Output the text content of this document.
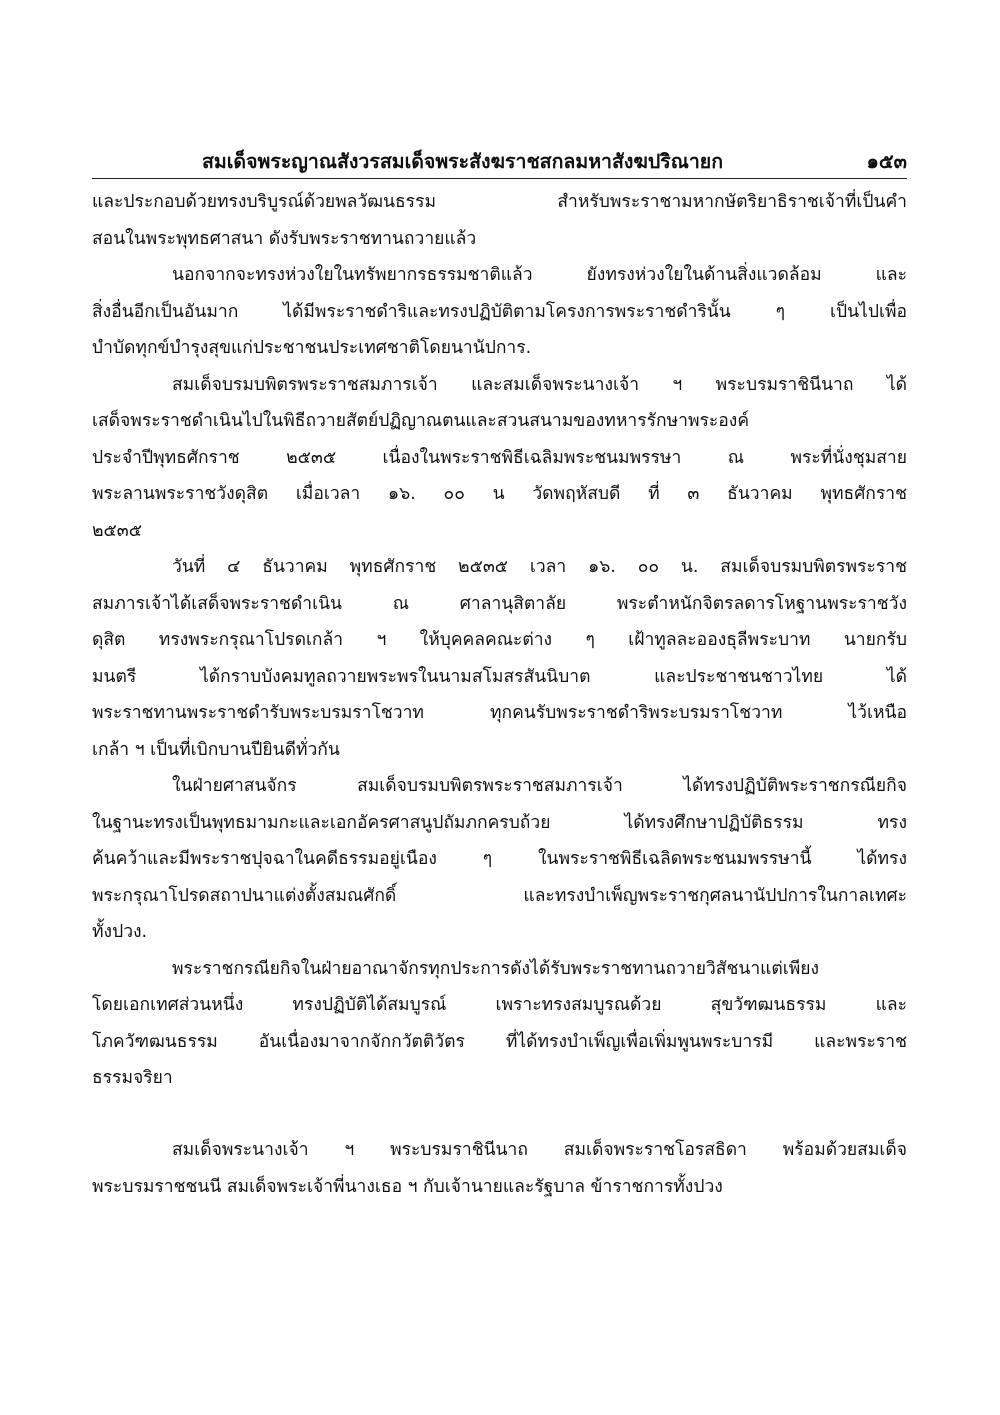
สมเด็จพระญาณสังวรสมเด็จพระสังฆราชสกลมหาสังฆปริณายก	๑๕๓
และประกอบด้วยทรงบริบูรณ์ด้วยพลวัฒนธรรม สำหรับพระราชามหากษัตริยาธิราชเจ้าที่เป็นคำ
สอนในพระพุทธศาสนา ดังรับพระราชทานถวายแล้ว
นอกจากจะทรงห่วงใยในทรัพยากรธรรมชาติแล้ว ยังทรงห่วงใยในด้านสิ่งแวดล้อม และ
สิ่งอื่นอีกเป็นอันมาก ได้มีพระราชดำริและทรงปฏิบัติตามโครงการพระราชดำรินั้น ๆ เป็นไปเพื่อ
บำบัดทุกข์บำรุงสุขแก่ประชาชนประเทศชาติโดยนานัปการ.
สมเด็จบรมบพิตรพระราชสมภารเจ้า และสมเด็จพระนางเจ้า ฯ พระบรมราชินีนาถ ได้
เสด็จพระราชดำเนินไปในพิธีถวายสัตย์ปฏิญาณตนและสวนสนามของทหารรักษาพระองค์
ประจำปีพุทธศักราช ๒๕๓๕ เนื่องในพระราชพิธีเฉลิมพระชนมพรรษา ณ พระที่นั่งชุมสาย
พระลานพระราชวังดุสิต เมื่อเวลา ๑๖. ๐๐ น วัดพฤหัสบดี ที่ ๓ ธันวาคม พุทธศักราช
๒๕๓๕
วันที่ ๔ ธันวาคม พุทธศักราช ๒๕๓๕ เวลา ๑๖. ๐๐ น. สมเด็จบรมบพิตรพระราช
สมภารเจ้าได้เสด็จพระราชดำเนิน ณ ศาลานุสิตาลัย พระตำหนักจิตรลดารโหฐานพระราชวัง
ดุสิต ทรงพระกรุณาโปรดเกล้า ฯ ให้บุคคลคณะต่าง ๆ เฝ้าทูลละอองธุลีพระบาท นายกรับ
มนตรี ได้กราบบังคมทูลถวายพระพรในนามสโมสรสันนิบาต และประชาชนชาวไทย ได้
พระราชทานพระราชดำรับพระบรมราโชวาท ทุกคนรับพระราชดำริพระบรมราโชวาท ไว้เหนือ
เกล้า ฯ เป็นที่เบิกบานปียินดีทั่วกัน
ในฝ่ายศาสนจักร สมเด็จบรมบพิตรพระราชสมภารเจ้า ได้ทรงปฏิบัติพระราชกรณียกิจ
ในฐานะทรงเป็นพุทธมามกะและเอกอัครศาสนูปถัมภกครบถ้วย ได้ทรงศึกษาปฏิบัติธรรม ทรง
ค้นคว้าและมีพระราชปุจฉาในคดีธรรมอยู่เนือง ๆ ในพระราชพิธีเฉลิดพระชนมพรรษานี้ ได้ทรง
พระกรุณาโปรดสถาปนาแต่งตั้งสมณศักดิ์ และทรงบำเพ็ญพระราชกุศลนานัปปการในกาลเทศะ
ทั้งปวง.
พระราชกรณียกิจในฝ่ายอาณาจักรทุกประการดังได้รับพระราชทานถวายวิสัชนาแต่เพียง
โดยเอกเทศส่วนหนึ่ง ทรงปฏิบัติได้สมบูรณ์ เพราะทรงสมบูรณด้วย สุขวัฑฒนธรรม และ
โภควัฑฒนธรรม อันเนื่องมาจากจักกวัตติวัตร ที่ได้ทรงบำเพ็ญเพื่อเพิ่มพูนพระบารมี และพระราช
ธรรมจริยา
สมเด็จพระนางเจ้า ฯ พระบรมราชินีนาถ สมเด็จพระราชโอรสธิดา พร้อมด้วยสมเด็จ
พระบรมราชชนนี สมเด็จพระเจ้าพี่นางเธอ ฯ กับเจ้านายและรัฐบาล ข้าราชการทั้งปวง
